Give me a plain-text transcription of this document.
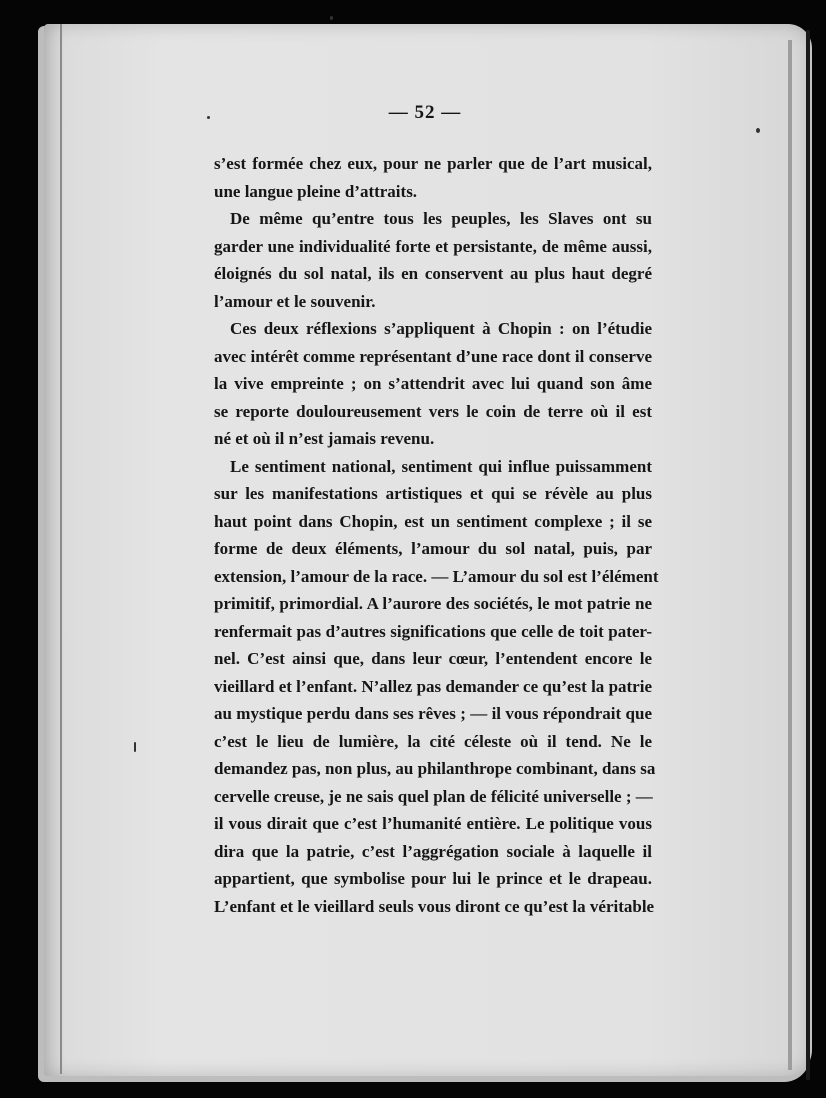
— 52 —

s’est formée chez eux, pour ne parler que de l’art musical,
une langue pleine d’attraits.

De même qu’entre tous les peuples, les Slaves ont su
garder une individualité forte et persistante, de même aussi,
éloignés du sol natal, ils en conservent au plus haut degré
l’amour et le souvenir.

Ces deux réflexions s’appliquent à Chopin : on l’étudie
avec intérêt comme représentant d’une race dont il conserve
la vive empreinte ; on s’attendrit avec lui quand son âme
se reporte douloureusement vers le coin de terre où il est
né et où il n’est jamais revenu.

Le sentiment national, sentiment qui influe puissamment
sur les manifestations artistiques et qui se révèle au plus
haut point dans Chopin, est un sentiment complexe ; il se
forme de deux éléments, l’amour du sol natal, puis, par
extension, l’amour de la race. — L’amour du sol est l’élément
primitif, primordial. A l’aurore des sociétés, le mot patrie ne
renfermait pas d’autres significations que celle de toit pater-
nel. C’est ainsi que, dans leur cœur, l’entendent encore le
vieillard et l’enfant. N’allez pas demander ce qu’est la patrie
au mystique perdu dans ses rêves ; — il vous répondrait que
c’est le lieu de lumière, la cité céleste où il tend. Ne le
demandez pas, non plus, au philanthrope combinant, dans sa
cervelle creuse, je ne sais quel plan de félicité universelle ; —
il vous dirait que c’est l’humanité entière. Le politique vous
dira que la patrie, c’est l’aggrégation sociale à laquelle il
appartient, que symbolise pour lui le prince et le drapeau.
L’enfant et le vieillard seuls vous diront ce qu’est la véritable
